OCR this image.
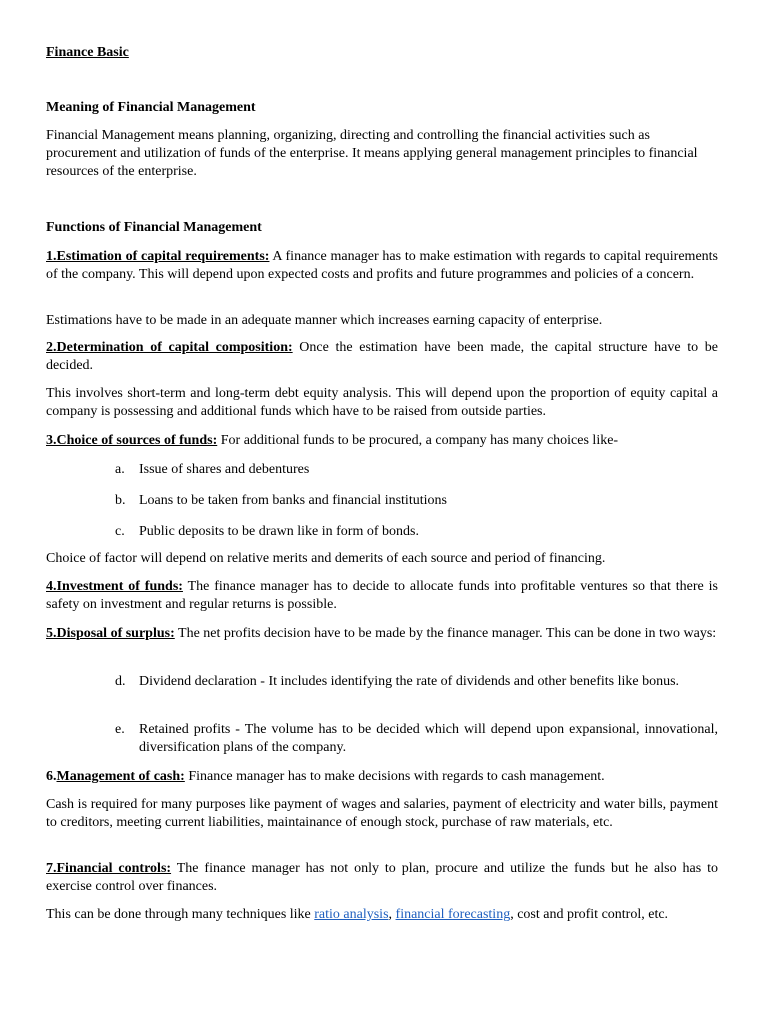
Finance Basic

Meaning of Financial Management

Financial Management means planning, organizing, directing and controlling the financial activities such as procurement and utilization of funds of the enterprise. It means applying general management principles to financial resources of the enterprise.

Functions of Financial Management

1.Estimation of capital requirements: A finance manager has to make estimation with regards to capital requirements of the company. This will depend upon expected costs and profits and future programmes and policies of a concern.

Estimations have to be made in an adequate manner which increases earning capacity of enterprise.

2.Determination of capital composition: Once the estimation have been made, the capital structure have to be decided.

This involves short-term and long-term debt equity analysis. This will depend upon the proportion of equity capital a company is possessing and additional funds which have to be raised from outside parties.

3.Choice of sources of funds: For additional funds to be procured, a company has many choices like-

a. Issue of shares and debentures
b. Loans to be taken from banks and financial institutions
c. Public deposits to be drawn like in form of bonds.

Choice of factor will depend on relative merits and demerits of each source and period of financing.

4.Investment of funds: The finance manager has to decide to allocate funds into profitable ventures so that there is safety on investment and regular returns is possible.

5.Disposal of surplus: The net profits decision have to be made by the finance manager. This can be done in two ways:

d. Dividend declaration - It includes identifying the rate of dividends and other benefits like bonus.
e. Retained profits - The volume has to be decided which will depend upon expansional, innovational, diversification plans of the company.

6.Management of cash: Finance manager has to make decisions with regards to cash management.

Cash is required for many purposes like payment of wages and salaries, payment of electricity and water bills, payment to creditors, meeting current liabilities, maintainance of enough stock, purchase of raw materials, etc.

7.Financial controls: The finance manager has not only to plan, procure and utilize the funds but he also has to exercise control over finances.

This can be done through many techniques like ratio analysis, financial forecasting, cost and profit control, etc.
